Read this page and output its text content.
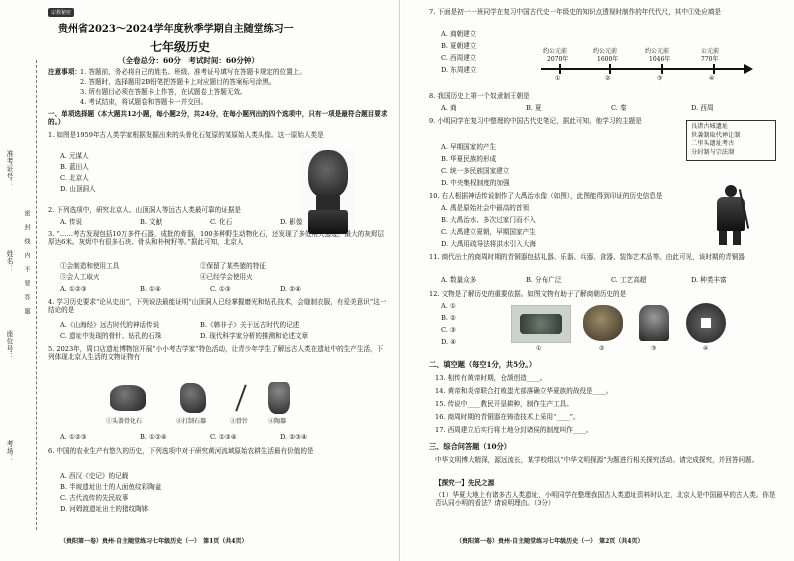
准考证号：
姓名：
座位号：
考场：
密　封　线　内　不　要　答　题
宗教秘密
贵州省2023～2024学年度秋季学期自主随堂练习一
七年级历史
（全卷总分：60分　考试时间：60分钟）
注意事项： 1. 答题前，务必将自己的姓名、班级、准考证号填写在答题卡规定的位置上。
2. 答题时，选择题用2B铅笔把答题卡上对应题目的答案标号涂黑。
3. 所有题目必须在答题卡上作答，在试题卷上答题无效。
4. 考试结束，将试题卷和答题卡一并交回。
一、单项选择题（本大题共12小题，每小题2分，共24分，在每小题列出的四个选项中，只有一项是最符合题目要求的。）
1. 如图是1959年古人类学家根据发掘出来的头骨化石复原的某原始人类头像。这一原始人类是
A. 元谋人
B. 蓝田人
C. 北京人
D. 山顶洞人
2. 下列选项中，研究北京人、山顶洞人等远古人类最可靠的证据是
A. 传说	B. 文献	C. 化石	D. 影像
3. “……考古发现包括10万多件石器，成批的骨器，100多种野生动物化石，还发现了多处用火遗迹，最大的灰烬层厚达6米。灰烬中有很多石块、骨头和朴树籽等。”据此可知，北京人
①会制造和使用工具	②保留了某些猿的特征
③会人工取火	④已经学会使用火
A. ①②③	B. ①④	C. ①③	D. ②④
4. 学习历史要求“论从史出”，下列说法最能证明“山顶洞人已经掌握磨光和钻孔技术，会缝制衣服，有爱美意识”这一结论的是
A.《山海经》远古时代的神话传说	B.《韩非子》关于远古时代的记述
C. 遗址中发现的骨针、钻孔的石珠	D. 现代科学家分析的推测和论述文章
5. 2023年，周口店遗址博物馆开展“小小考古学家”特色活动，让青少年学生了解远古人类在遗址中的生产生活，下列体现北京人生活的文物证物有
①头盖骨化石	②打制石器	③骨针	④陶器
A. ①②③	B. ①②④	C. ①③④	D. ②③④
6. 中国的农业生产有悠久的历史，下列选项中对于研究黄河流域原始农耕生活最有价值的是
A. 西汉《史记》的记载
B. 半坡遗址出土的人面鱼纹彩陶盆
C. 古代流传的先民故事
D. 河姆渡遗址出土的猪纹陶钵
（贵阳第一卷）贵州·自主随堂练习七年级历史（一）　第1页（共4页）
7. 下面是初一一班同学在复习中国古代史一年级史的知识点透视时制作的年代代尺，其中①处应填是
A. 商朝建立
B. 夏朝建立
C. 西周建立
D. 东周建立
约公元前
2070年
①
约公元前
1600年
②
约公元前
1046年
③
公元前
770年
④
8. 我国历史上第一个奴隶制王朝是
A. 商	B. 夏	C. 秦	D. 西周
9. 小明同学在复习中整理的中国古代史笔记，据此可知，他学习的主题是
良渚古城遗址
世袭制取代禅让制
二里头遗址考古
分封制与宗法制
A. 早期国家的产生
B. 华夏民族的形成
C. 统一多民族国家建立
D. 中央集权制度的加强
10. 右人根据神话传说制作了大禹治水像（如图），此图能得到印证的历史信息是
A. 禹是原始社会中最高的首领
B. 大禹治水、多次过家门而不入
C. 大禹建立夏朝，早期国家产生
D. 大禹用疏导法将洪水引入大海
11. 商代出土的商周时期的青铜器包括礼器、乐器、兵器、食器、装饰艺术品等。由此可见，该时期的青铜器
A. 数量众多	B. 分布广泛	C. 工艺高超	D. 种类丰富
12. 文物是了解历史的重要依据。如图文物有助于了解商朝历史的是
A. ①
B. ②
C. ③
D. ④
①	②	③	④
二、填空题（每空1分，共5分。）
13. 相传有黄帝时期，仓颉创造____。
14. 黄帝和炎帝联合打败蚩尤部落确立华夏族的战役是____。
15. 传说中____教民开垦耕种，制作生产工具。
16. 商周时期的青铜器在铸造技术上采用“____”。
17. 西周建立后实行将土地分封诸侯的制度叫作____。
三、综合问答题（10分）
中华文明博大精深，源远流长，某学校组以“中华文明探源”为题进行相关探究活动。请完成探究，并回答问题。
【探究一】先民之源
（1）华夏大地上有诸多古人类遗址，小明同学在整理我国古人类遗址资料时认定，北京人是中国最早的古人类。你是否认同小明的看法？请说明理由。（3分）
（贵阳第一卷）贵州·自主随堂练习七年级历史（一）　第2页（共4页）
